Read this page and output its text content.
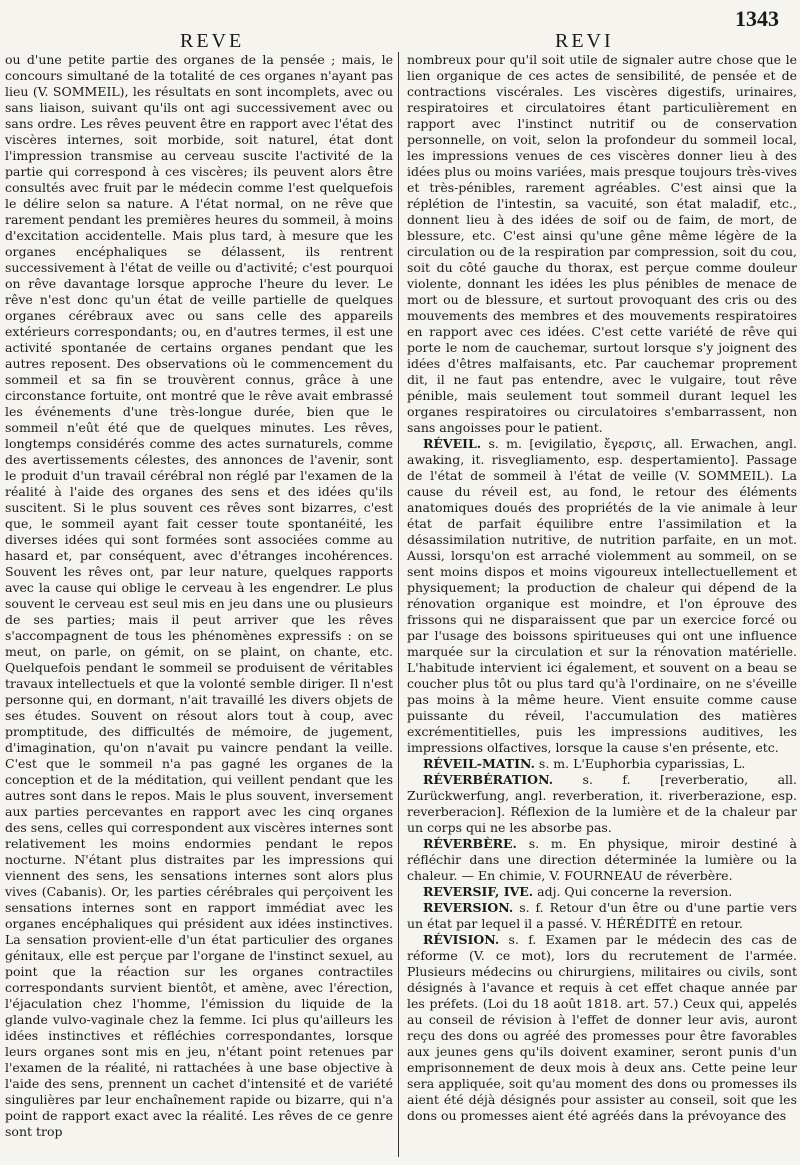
REVE	REVI
1343

ou d'une petite partie des organes de la pensée ; mais, le concours simultané de la totalité de ces organes n'ayant pas lieu (V. SOMMEIL), les résultats en sont incomplets, avec ou sans liaison, suivant qu'ils ont agi successivement avec ou sans ordre. Les rêves peuvent être en rapport avec l'état des viscères internes, soit morbide, soit naturel, état dont l'impression transmise au cerveau suscite l'activité de la partie qui correspond à ces viscères; ils peuvent alors être consultés avec fruit par le médecin comme l'est quelquefois le délire selon sa nature. A l'état normal, on ne rêve que rarement pendant les premières heures du sommeil, à moins d'excitation accidentelle. Mais plus tard, à mesure que les organes encéphaliques se délassent, ils rentrent successivement à l'état de veille ou d'activité; c'est pourquoi on rêve davantage lorsque approche l'heure du lever. Le rêve n'est donc qu'un état de veille partielle de quelques organes cérébraux avec ou sans celle des appareils extérieurs correspondants; ou, en d'autres termes, il est une activité spontanée de certains organes pendant que les autres reposent. Des observations où le commencement du sommeil et sa fin se trouvèrent connus, grâce à une circonstance fortuite, ont montré que le rêve avait embrassé les événements d'une très-longue durée, bien que le sommeil n'eût été que de quelques minutes. Les rêves, longtemps considérés comme des actes surnaturels, comme des avertissements célestes, des annonces de l'avenir, sont le produit d'un travail cérébral non réglé par l'examen de la réalité à l'aide des organes des sens et des idées qu'ils suscitent. Si le plus souvent ces rêves sont bizarres, c'est que, le sommeil ayant fait cesser toute spontanéité, les diverses idées qui sont formées sont associées comme au hasard et, par conséquent, avec d'étranges incohérences. Souvent les rêves ont, par leur nature, quelques rapports avec la cause qui oblige le cerveau à les engendrer. Le plus souvent le cerveau est seul mis en jeu dans une ou plusieurs de ses parties; mais il peut arriver que les rêves s'accompagnent de tous les phénomènes expressifs : on se meut, on parle, on gémit, on se plaint, on chante, etc. Quelquefois pendant le sommeil se produisent de véritables travaux intellectuels et que la volonté semble diriger. Il n'est personne qui, en dormant, n'ait travaillé les divers objets de ses études. Souvent on résout alors tout à coup, avec promptitude, des difficultés de mémoire, de jugement, d'imagination, qu'on n'avait pu vaincre pendant la veille. C'est que le sommeil n'a pas gagné les organes de la conception et de la méditation, qui veillent pendant que les autres sont dans le repos. Mais le plus souvent, inversement aux parties percevantes en rapport avec les cinq organes des sens, celles qui correspondent aux viscères internes sont relativement les moins endormies pendant le repos nocturne. N'étant plus distraites par les impressions qui viennent des sens, les sensations internes sont alors plus vives (Cabanis). Or, les parties cérébrales qui perçoivent les sensations internes sont en rapport immédiat avec les organes encéphaliques qui président aux idées instinctives. La sensation provient-elle d'un état particulier des organes génitaux, elle est perçue par l'organe de l'instinct sexuel, au point que la réaction sur les organes contractiles correspondants survient bientôt, et amène, avec l'érection, l'éjaculation chez l'homme, l'émission du liquide de la glande vulvo-vaginale chez la femme. Ici plus qu'ailleurs les idées instinctives et réfléchies correspondantes, lorsque leurs organes sont mis en jeu, n'étant point retenues par l'examen de la réalité, ni rattachées à une base objective à l'aide des sens, prennent un cachet d'intensité et de variété singulières par leur enchaînement rapide ou bizarre, qui n'a point de rapport exact avec la réalité. Les rêves de ce genre sont trop

nombreux pour qu'il soit utile de signaler autre chose que le lien organique de ces actes de sensibilité, de pensée et de contractions viscérales. Les viscères digestifs, urinaires, respiratoires et circulatoires étant particulièrement en rapport avec l'instinct nutritif ou de conservation personnelle, on voit, selon la profondeur du sommeil local, les impressions venues de ces viscères donner lieu à des idées plus ou moins variées, mais presque toujours très-vives et très-pénibles, rarement agréables. C'est ainsi que la réplétion de l'intestin, sa vacuité, son état maladif, etc., donnent lieu à des idées de soif ou de faim, de mort, de blessure, etc. C'est ainsi qu'une gêne même légère de la circulation ou de la respiration par compression, soit du cou, soit du côté gauche du thorax, est perçue comme douleur violente, donnant les idées les plus pénibles de menace de mort ou de blessure, et surtout provoquant des cris ou des mouvements des membres et des mouvements respiratoires en rapport avec ces idées. C'est cette variété de rêve qui porte le nom de cauchemar, surtout lorsque s'y joignent des idées d'êtres malfaisants, etc. Par cauchemar proprement dit, il ne faut pas entendre, avec le vulgaire, tout rêve pénible, mais seulement tout sommeil durant lequel les organes respiratoires ou circulatoires s'embarrassent, non sans angoisses pour le patient.

RÉVEIL. s. m. [evigilatio, ἔγερσις, all. Erwachen, angl. awaking, it. risvegliamento, esp. despertamiento]. Passage de l'état de sommeil à l'état de veille (V. SOMMEIL). La cause du réveil est, au fond, le retour des éléments anatomiques doués des propriétés de la vie animale à leur état de parfait équilibre entre l'assimilation et la désassimilation nutritive, de nutrition parfaite, en un mot. Aussi, lorsqu'on est arraché violemment au sommeil, on se sent moins dispos et moins vigoureux intellectuellement et physiquement; la production de chaleur qui dépend de la rénovation organique est moindre, et l'on éprouve des frissons qui ne disparaissent que par un exercice forcé ou par l'usage des boissons spiritueuses qui ont une influence marquée sur la circulation et sur la rénovation matérielle. L'habitude intervient ici également, et souvent on a beau se coucher plus tôt ou plus tard qu'à l'ordinaire, on ne s'éveille pas moins à la même heure. Vient ensuite comme cause puissante du réveil, l'accumulation des matières excrémentitielles, puis les impressions auditives, les impressions olfactives, lorsque la cause s'en présente, etc.

RÉVEIL-MATIN. s. m. L'Euphorbia cyparissias, L.

RÉVERBÉRATION. s. f. [reverberatio, all. Zurückwerfung, angl. reverberation, it. riverberazione, esp. reverberacion]. Réflexion de la lumière et de la chaleur par un corps qui ne les absorbe pas.

RÉVERBÈRE. s. m. En physique, miroir destiné à réfléchir dans une direction déterminée la lumière ou la chaleur. — En chimie, V. FOURNEAU de réverbère.

REVERSIF, IVE. adj. Qui concerne la reversion.

REVERSION. s. f. Retour d'un être ou d'une partie vers un état par lequel il a passé. V. HÉRÉDITÉ en retour.

RÉVISION. s. f. Examen par le médecin des cas de réforme (V. ce mot), lors du recrutement de l'armée. Plusieurs médecins ou chirurgiens, militaires ou civils, sont désignés à l'avance et requis à cet effet chaque année par les préfets. (Loi du 18 août 1818. art. 57.) Ceux qui, appelés au conseil de révision à l'effet de donner leur avis, auront reçu des dons ou agréé des promesses pour être favorables aux jeunes gens qu'ils doivent examiner, seront punis d'un emprisonnement de deux mois à deux ans. Cette peine leur sera appliquée, soit qu'au moment des dons ou promesses ils aient été déjà désignés pour assister au conseil, soit que les dons ou promesses aient été agréés dans la prévoyance des
